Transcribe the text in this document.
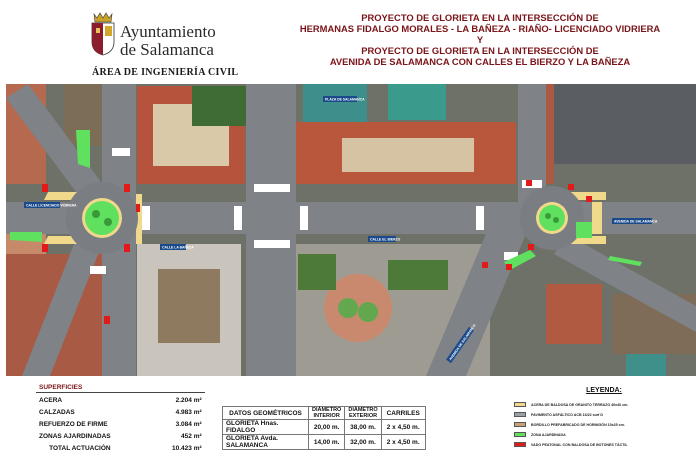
Ayuntamiento
de Salamanca
ÁREA DE INGENIERÍA CIVIL
PROYECTO DE GLORIETA EN LA INTERSECCIÓN DE
HERMANAS FIDALGO MORALES - LA BAÑEZA - RIAÑO- LICENCIADO VIDRIERA
Y
PROYECTO DE GLORIETA EN LA INTERSECCIÓN DE
AVENIDA DE SALAMANCA CON CALLES EL BIERZO Y LA BAÑEZA
CALLE LICENCIADO VIDRIERA
CALLE LA BAÑEZA
CALLE EL BIERZO
AVENIDA DE SALAMANCA
PLAZA DE SALAMANCA
AVENIDA DE SALAMANCA
SUPERFICIES	
ACERA	2.204 m²
CALZADAS	4.983 m²
REFUERZO DE FIRME	3.084 m²
ZONAS AJARDINADAS	452 m²
TOTAL ACTUACIÓN	10.423 m²
DATOS GEOMÉTRICOS	DIÁMETRO INTERIOR	DIÁMETRO EXTERIOR	CARRILES
GLORIETA Hnas. FIDALGO	20,00 m.	38,00 m.	2 x 4,50 m.
GLORIETA Avda. SALAMANCA	14,00 m.	32,00 m.	2 x 4,50 m.
LEYENDA:
ACERA DE BALDOSA DE GRANITO TERRAZO 40x40 cm.
PAVIMENTO ASFÁLTICO ACB 16/22 surf D
BORDILLO PREFABRICADO DE HORMIGÓN 15x25 cm.
ZONA AJARDINADA
VADO PEATONAL CON BALDOSA DE BOTONES TÁCTIL
